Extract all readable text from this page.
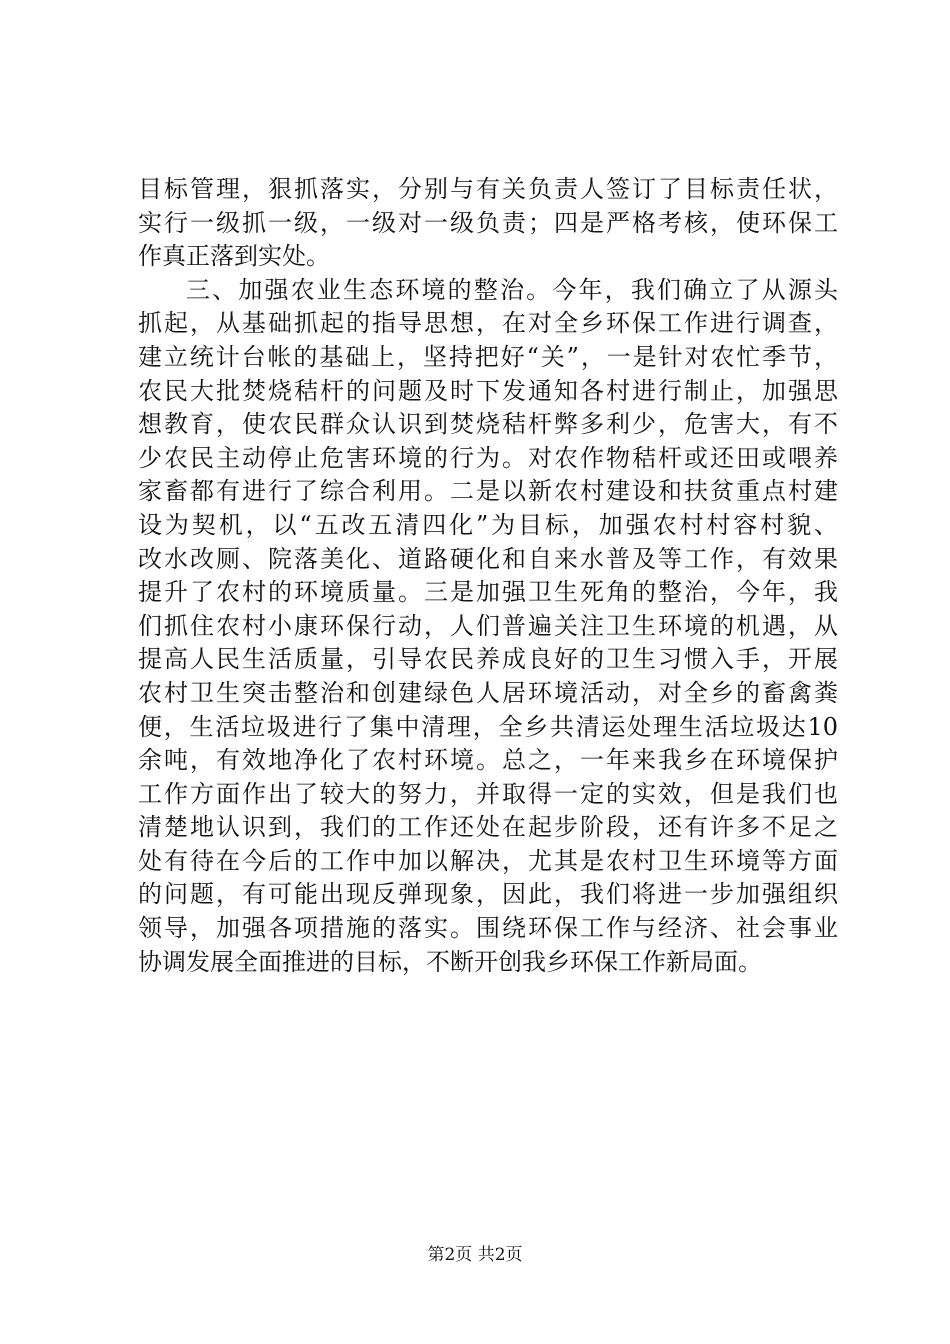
目标管理，狠抓落实，分别与有关负责人签订了目标责任状，
实行一级抓一级，一级对一级负责；四是严格考核，使环保工
作真正落到实处。
三、加强农业生态环境的整治。今年，我们确立了从源头
抓起，从基础抓起的指导思想，在对全乡环保工作进行调查，
建立统计台帐的基础上，坚持把好“关”，一是针对农忙季节，
农民大批焚烧秸杆的问题及时下发通知各村进行制止，加强思
想教育，使农民群众认识到焚烧秸杆弊多利少，危害大，有不
少农民主动停止危害环境的行为。对农作物秸杆或还田或喂养
家畜都有进行了综合利用。二是以新农村建设和扶贫重点村建
设为契机，以“五改五清四化”为目标，加强农村村容村貌、
改水改厕、院落美化、道路硬化和自来水普及等工作，有效果
提升了农村的环境质量。三是加强卫生死角的整治，今年，我
们抓住农村小康环保行动，人们普遍关注卫生环境的机遇，从
提高人民生活质量，引导农民养成良好的卫生习惯入手，开展
农村卫生突击整治和创建绿色人居环境活动，对全乡的畜禽粪
便，生活垃圾进行了集中清理，全乡共清运处理生活垃圾达10
余吨，有效地净化了农村环境。总之，一年来我乡在环境保护
工作方面作出了较大的努力，并取得一定的实效，但是我们也
清楚地认识到，我们的工作还处在起步阶段，还有许多不足之
处有待在今后的工作中加以解决，尤其是农村卫生环境等方面
的问题，有可能出现反弹现象，因此，我们将进一步加强组织
领导，加强各项措施的落实。围绕环保工作与经济、社会事业
协调发展全面推进的目标，不断开创我乡环保工作新局面。
第2页 共2页
